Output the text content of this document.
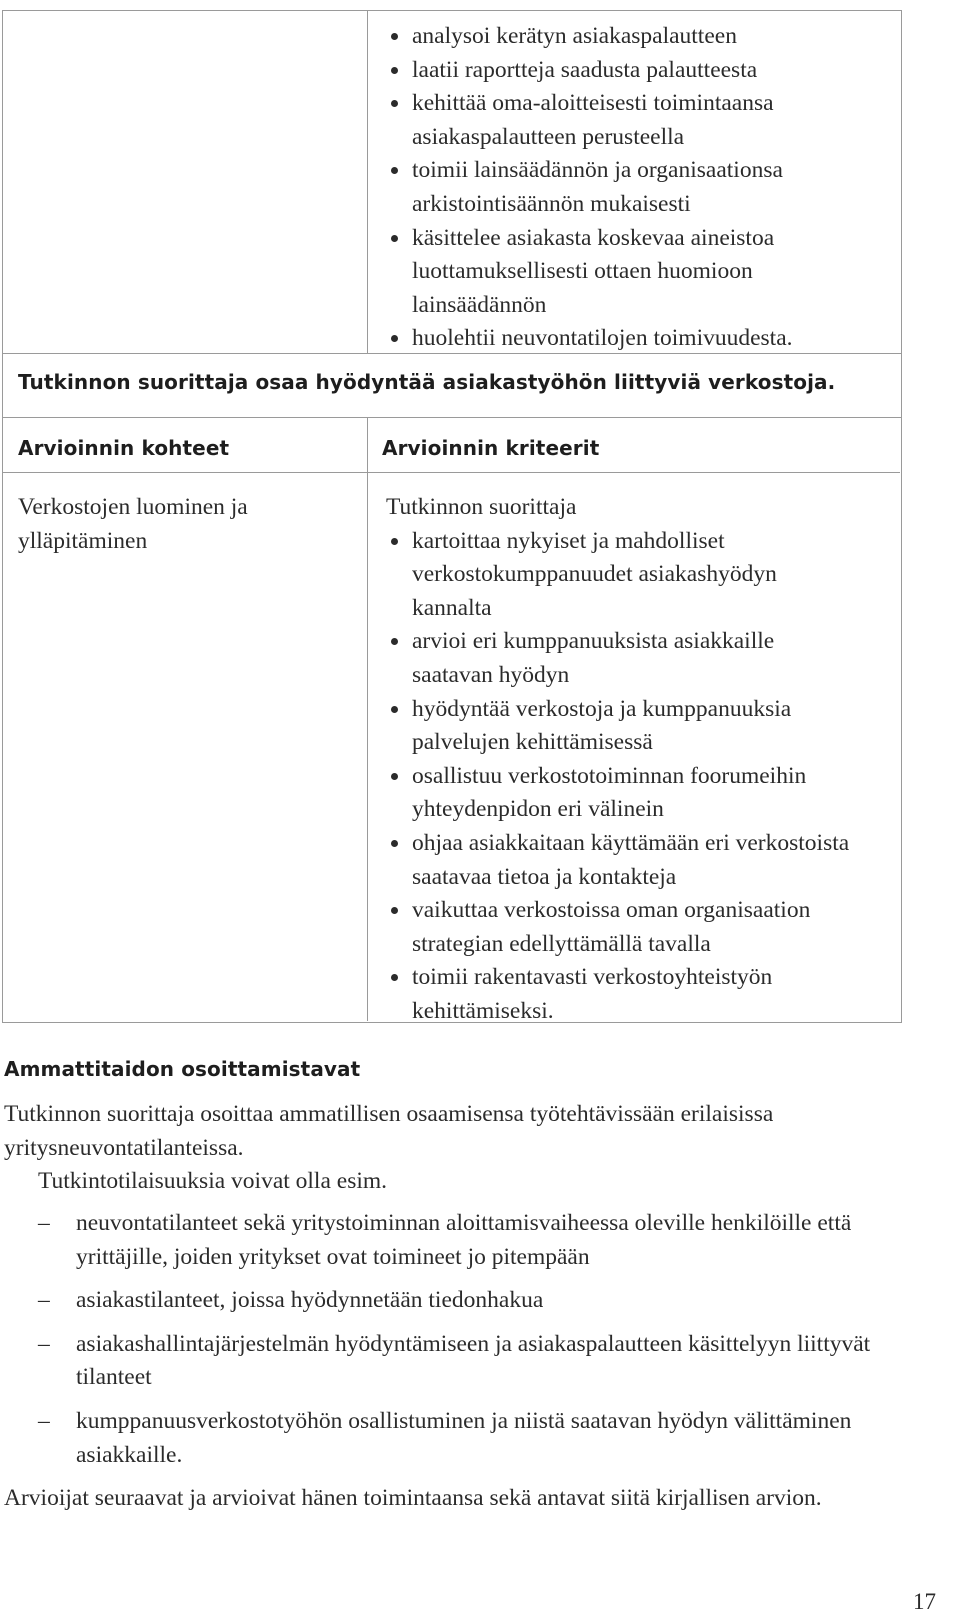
analysoi kerätyn asiakaspalautteen
laatii raportteja saadusta palautteesta
kehittää oma-aloitteisesti toimintaansa asiakaspalautteen perusteella
toimii lainsäädännön ja organisaationsa arkistointisäännön mukaisesti
käsittelee asiakasta koskevaa aineistoa luottamuksellisesti ottaen huomioon lainsäädännön
huolehtii neuvontatilojen toimivuudesta.
Tutkinnon suorittaja osaa hyödyntää asiakastyöhön liittyviä verkostoja.
Arvioinnin kohteet	Arvioinnin kriteerit
Verkostojen luominen ja ylläpitäminen
Tutkinnon suorittaja
kartoittaa nykyiset ja mahdolliset verkostokumppanuudet asiakashyödyn kannalta
arvioi eri kumppanuuksista asiakkaille saatavan hyödyn
hyödyntää verkostoja ja kumppanuuksia palvelujen kehittämisessä
osallistuu verkostotoiminnan foorumeihin yhteydenpidon eri välinein
ohjaa asiakkaitaan käyttämään eri verkostoista saatavaa tietoa ja kontakteja
vaikuttaa verkostoissa oman organisaation strategian edellyttämällä tavalla
toimii rakentavasti verkostoyhteistyön kehittämiseksi.
Ammattitaidon osoittamistavat
Tutkinnon suorittaja osoittaa ammatillisen osaamisensa työtehtävissään erilaisissa yritysneuvontatilanteissa.
Tutkintotilaisuuksia voivat olla esim.
– neuvontatilanteet sekä yritystoiminnan aloittamisvaiheessa oleville henkilöille että yrittäjille, joiden yritykset ovat toimineet jo pitempään
– asiakastilanteet, joissa hyödynnetään tiedonhakua
– asiakashallintajärjestelmän hyödyntämiseen ja asiakaspalautteen käsittelyyn liittyvät tilanteet
– kumppanuusverkostotyöhön osallistuminen ja niistä saatavan hyödyn välittäminen asiakkaille.
Arvioijat seuraavat ja arvioivat hänen toimintaansa sekä antavat siitä kirjallisen arvion.
17
